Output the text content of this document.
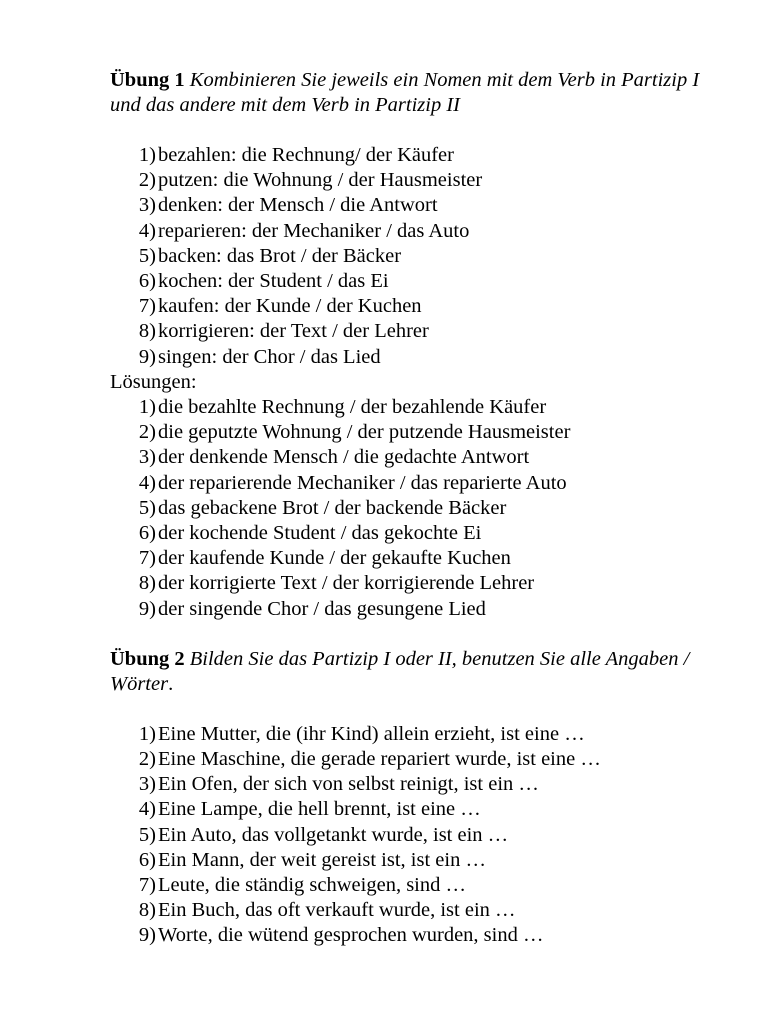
Übung 1 Kombinieren Sie jeweils ein Nomen mit dem Verb in Partizip I und das andere mit dem Verb in Partizip II

1) bezahlen: die Rechnung/ der Käufer
2) putzen: die Wohnung / der Hausmeister
3) denken: der Mensch / die Antwort
4) reparieren: der Mechaniker / das Auto
5) backen: das Brot / der Bäcker
6) kochen: der Student / das Ei
7) kaufen: der Kunde / der Kuchen
8) korrigieren: der Text / der Lehrer
9) singen: der Chor / das Lied
Lösungen:
1) die bezahlte Rechnung / der bezahlende Käufer
2) die geputzte Wohnung / der putzende Hausmeister
3) der denkende Mensch / die gedachte Antwort
4) der reparierende Mechaniker / das reparierte Auto
5) das gebackene Brot / der backende Bäcker
6) der kochende Student / das gekochte Ei
7) der kaufende Kunde / der gekaufte Kuchen
8) der korrigierte Text / der korrigierende Lehrer
9) der singende Chor / das gesungene Lied

Übung 2 Bilden Sie das Partizip I oder II, benutzen Sie alle Angaben / Wörter.

1) Eine Mutter, die (ihr Kind) allein erzieht, ist eine …
2) Eine Maschine, die gerade repariert wurde, ist eine …
3) Ein Ofen, der sich von selbst reinigt, ist ein …
4) Eine Lampe, die hell brennt, ist eine …
5) Ein Auto, das vollgetankt wurde, ist ein …
6) Ein Mann, der weit gereist ist, ist ein …
7) Leute, die ständig schweigen, sind …
8) Ein Buch, das oft verkauft wurde, ist ein …
9) Worte, die wütend gesprochen wurden, sind …
